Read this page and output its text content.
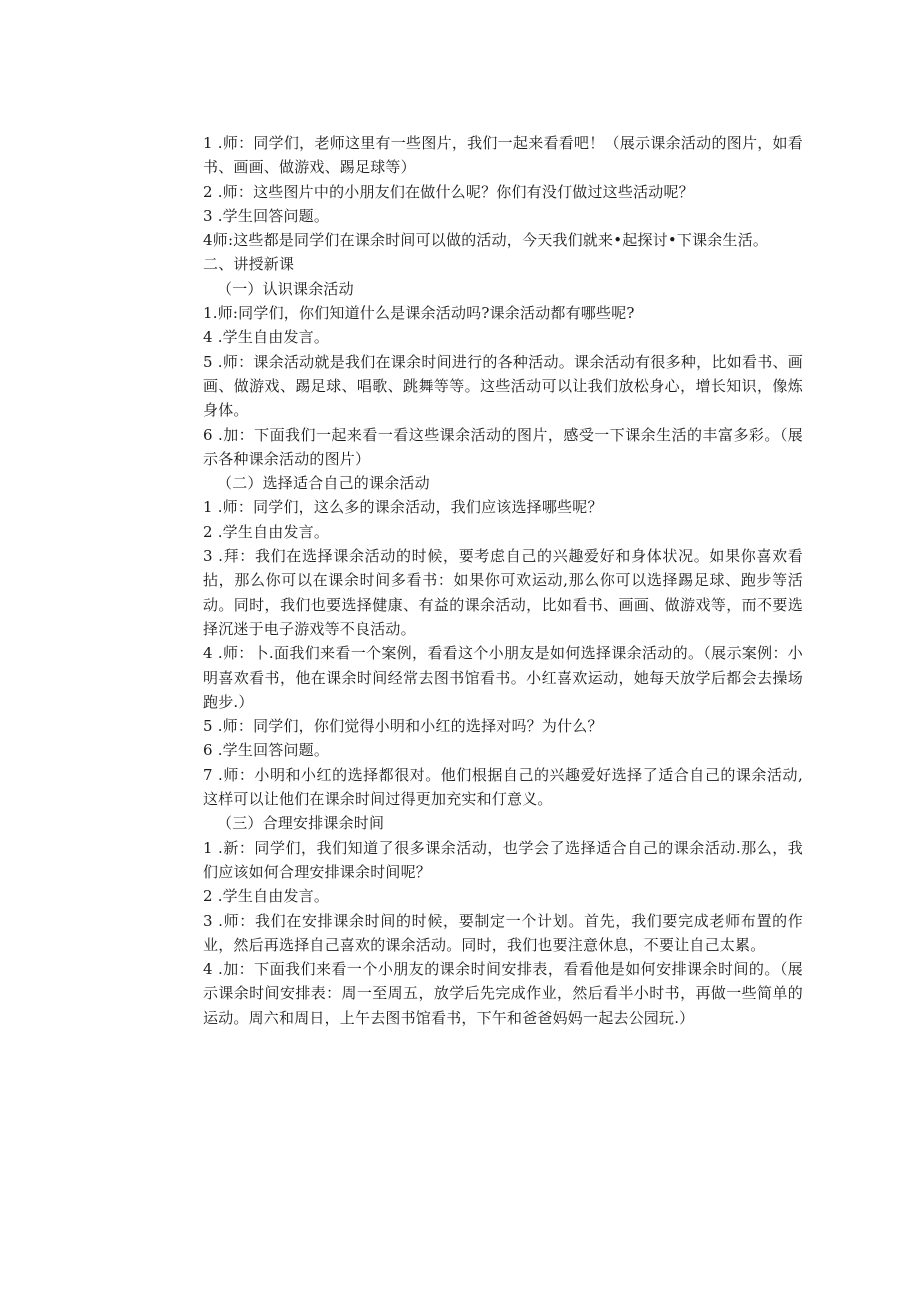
1 .师：同学们，老师这里有一些图片，我们一起来看看吧！（展示课余活动的图片，如看书、画画、做游戏、踢足球等）

2 .师：这些图片中的小朋友们在做什么呢？你们有没仃做过这些活动呢？

3 .学生回答问题。

4师:这些都是同学们在课余时间可以做的活动，今天我们就来•起探讨•下课余生活。

二、讲授新课

（一）认识课余活动

1.师:同学们，你们知道什么是课余活动吗?课余活动都有哪些呢?

4 .学生自由发言。

5 .师：课余活动就是我们在课余时间进行的各种活动。课余活动有很多种，比如看书、画画、做游戏、踢足球、唱歌、跳舞等等。这些活动可以让我们放松身心，增长知识，像炼身体。

6 .加：下面我们一起来看一看这些课余活动的图片，感受一下课余生活的丰富多彩。（展示各种课余活动的图片）

（二）选择适合自己的课余活动

1 .师：同学们，这么多的课余活动，我们应该选择哪些呢？

2 .学生自由发言。

3 .拜：我们在选择课余活动的时候，要考虑自己的兴趣爱好和身体状况。如果你喜欢看拈，那么你可以在课余时间多看书：如果你可欢运动,那么你可以选择踢足球、跑步等活动。同时，我们也要选择健康、有益的课余活动，比如看书、画画、做游戏等，而不要选择沉迷于电子游戏等不良活动。

4 .师：卜.面我们来看一个案例，看看这个小朋友是如何选择课余活动的。（展示案例：小明喜欢看书，他在课余时间经常去图书馆看书。小红喜欢运动，她每天放学后都会去操场跑步.）

5 .师：同学们，你们觉得小明和小红的选择对吗？为什么？

6 .学生回答问题。

7 .师：小明和小红的选择都很对。他们根据自己的兴趣爱好选择了适合自己的课余活动,这样可以让他们在课余时间过得更加充实和仃意义。

（三）合理安排课余时间

1 .新：同学们，我们知道了很多课余活动，也学会了选择适合自己的课余活动.那么，我们应该如何合理安排课余时间呢？

2 .学生自由发言。

3 .师：我们在安排课余时间的时候，要制定一个计划。首先，我们要完成老师布置的作业，然后再选择自己喜欢的课余活动。同时，我们也要注意休息，不要让自己太累。

4 .加：下面我们来看一个小朋友的课余时间安排表，看看他是如何安排课余时间的。（展示课余时间安排表：周一至周五，放学后先完成作业，然后看半小时书，再做一些简单的运动。周六和周日，上午去图书馆看书，下午和爸爸妈妈一起去公园玩.）
